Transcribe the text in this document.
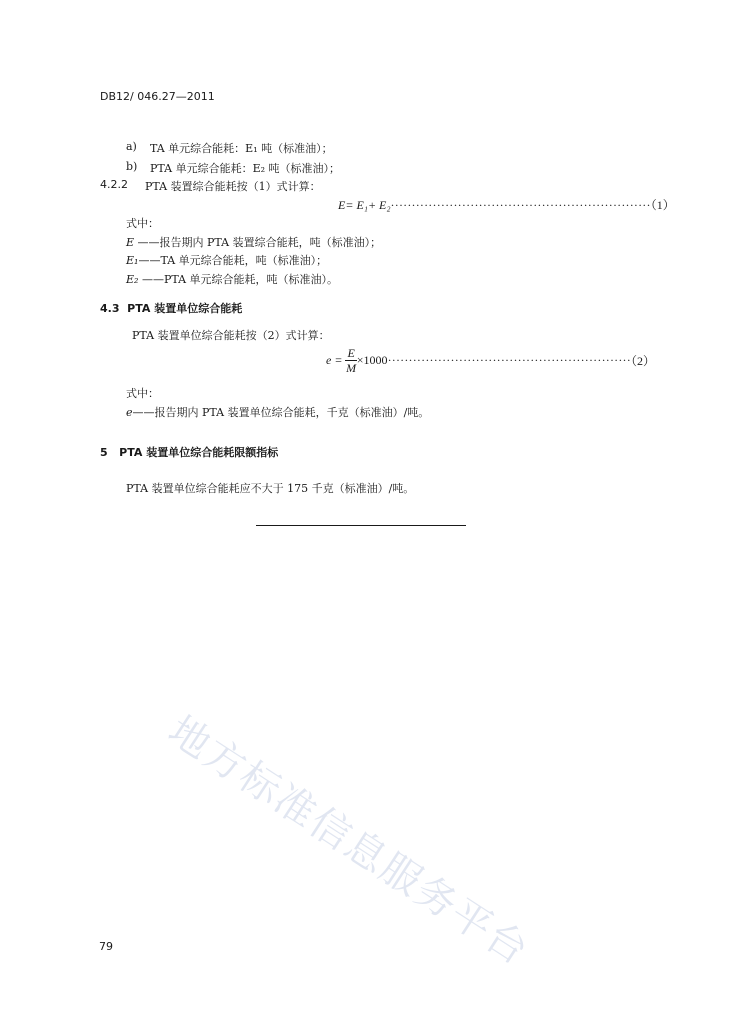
DB12/ 046.27—2011
a) TA 单元综合能耗：E₁ 吨（标准油）；
b) PTA 单元综合能耗：E₂ 吨（标准油）；
4.2.2 PTA 装置综合能耗按（1）式计算：
E= E₁+ E₂······························································（1）
式中：
E ——报告期内 PTA 装置综合能耗，吨（标准油）；
E₁——TA 单元综合能耗，吨（标准油）；
E₂ ——PTA 单元综合能耗，吨（标准油）。
4.3 PTA 装置单位综合能耗
PTA 装置单位综合能耗按（2）式计算：
$e = \frac{E}{M} \times 1000\cdot\cdot\cdot\cdot\cdot\cdot\cdot\cdot\cdot\cdot\cdot\cdot\cdot\cdot\cdot\cdot\cdot\cdot\cdot\cdot\cdot\cdot\cdot\cdot\cdot\cdot\cdot\cdot\cdot\cdot\cdot\cdot\cdot\cdot\cdot\cdot\cdot\cdot\cdot\cdot\cdot\cdot\cdot\cdot\cdot\cdot\cdot\cdot\cdot\cdot\cdot\cdot\cdot\cdot\cdot\cdot\cdot\cdot(2)$
式中：
e——报告期内 PTA 装置单位综合能耗，千克（标准油）/吨。
5 PTA 装置单位综合能耗限额指标
PTA 装置单位综合能耗应不大于 175 千克（标准油）/吨。
地方标准信息服务平台
79
